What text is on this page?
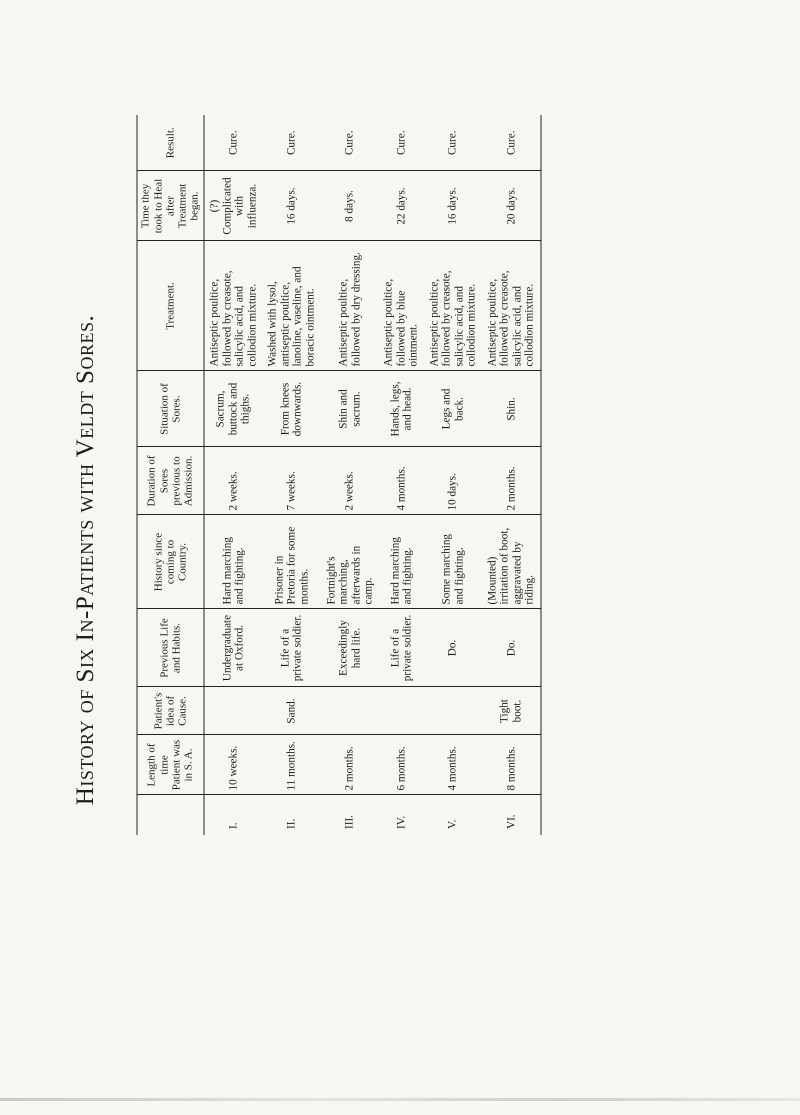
History of Six In-Patients with Veldt Sores.
		Length of time Patient was in S. A.	Patient's idea of Cause.	Previous Life and Habits.	History since coming to Country.	Duration of Sores previous to Admission.	Situation of Sores.	Treatment.	Time they took to Heal after Treatment began.	Result.
I.	10 weeks.		Undergraduate at Oxford.	Hard marching and fighting.	2 weeks.	Sacrum, buttock and thighs.	Antiseptic poultice, followed by creasote, salicylic acid, and collodion mixture.	(?) Complicated with influenza.	Cure.
II.	11 months.	Sand.	Life of a private soldier.	Prisoner in Pretoria for some months.	7 weeks.	From knees downwards.	Washed with lysol, antiseptic poultice, lanoline, vaseline, and boracic ointment.	16 days.	Cure.
III.	2 months.		Exceedingly hard life.	Fortnight's marching, afterwards in camp.	2 weeks.	Shin and sacrum.	Antiseptic poultice, followed by dry dressing.	8 days.	Cure.
IV.	6 months.		Life of a private soldier.	Hard marching and fighting.	4 months.	Hands, legs, and head.	Antiseptic poultice, followed by blue ointment.	22 days.	Cure.
V.	4 months.		Do.	Some marching and fighting.	10 days.	Legs and back.	Antiseptic poultice, followed by creasote, salicylic acid, and collodion mixture.	16 days.	Cure.
VI.	8 months.	Tight boot.	Do.	(Mounted) irritation of boot, aggravated by riding.	2 months.	Shin.	Antiseptic poultice, followed by creasote, salicylic acid, and collodion mixture.	20 days.	Cure.
